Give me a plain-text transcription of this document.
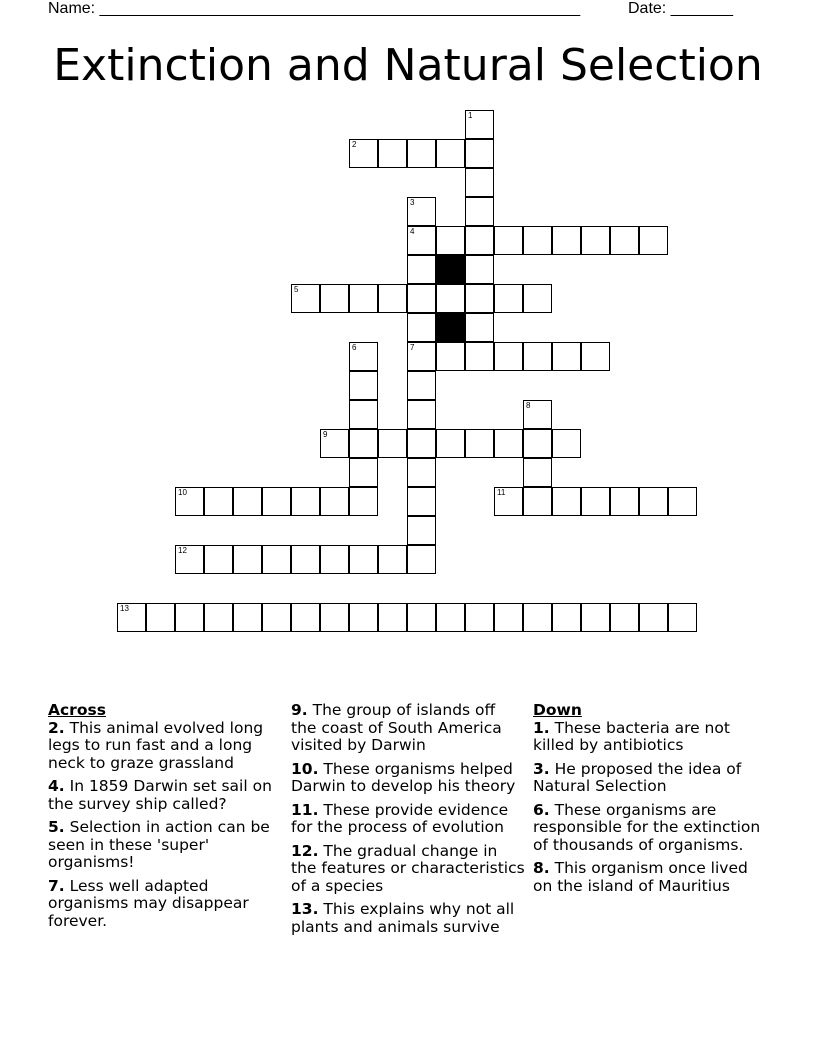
Name: ______________________________________________________	Date: _______
Extinction and Natural Selection
1
2
3
4
5
6	7
8
9
10	11
12
13
Across
2. This animal evolved long legs to run fast and a long neck to graze grassland
4. In 1859 Darwin set sail on the survey ship called?
5. Selection in action can be seen in these 'super' organisms!
7. Less well adapted organisms may disappear forever.
9. The group of islands off the coast of South America visited by Darwin
10. These organisms helped Darwin to develop his theory
11. These provide evidence for the process of evolution
12. The gradual change in the features or characteristics of a species
13. This explains why not all plants and animals survive
Down
1. These bacteria are not killed by antibiotics
3. He proposed the idea of Natural Selection
6. These organisms are responsible for the extinction of thousands of organisms.
8. This organism once lived on the island of Mauritius
